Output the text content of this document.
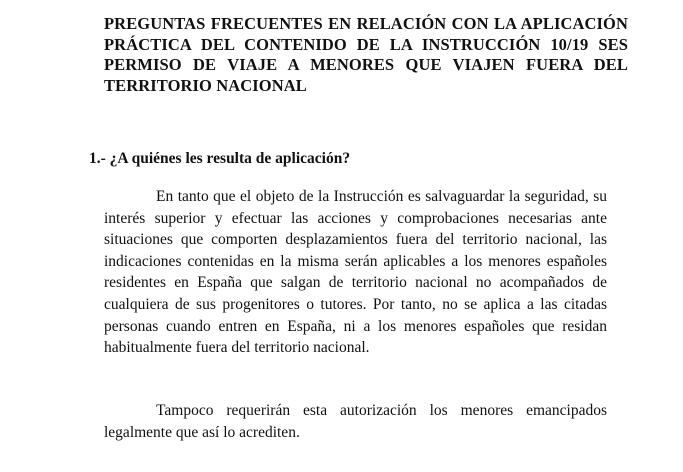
PREGUNTAS FRECUENTES EN RELACIÓN CON LA APLICACIÓN PRÁCTICA DEL CONTENIDO DE LA INSTRUCCIÓN 10/19 SES PERMISO DE VIAJE A MENORES QUE VIAJEN FUERA DEL TERRITORIO NACIONAL
1.- ¿A quiénes les resulta de aplicación?

En tanto que el objeto de la Instrucción es salvaguardar la seguridad, su interés superior y efectuar las acciones y comprobaciones necesarias ante situaciones que comporten desplazamientos fuera del territorio nacional, las indicaciones contenidas en la misma serán aplicables a los menores españoles residentes en España que salgan de territorio nacional no acompañados de cualquiera de sus progenitores o tutores. Por tanto, no se aplica a las citadas personas cuando entren en España, ni a los menores españoles que residan habitualmente fuera del territorio nacional.

Tampoco requerirán esta autorización los menores emancipados legalmente que así lo acrediten.
